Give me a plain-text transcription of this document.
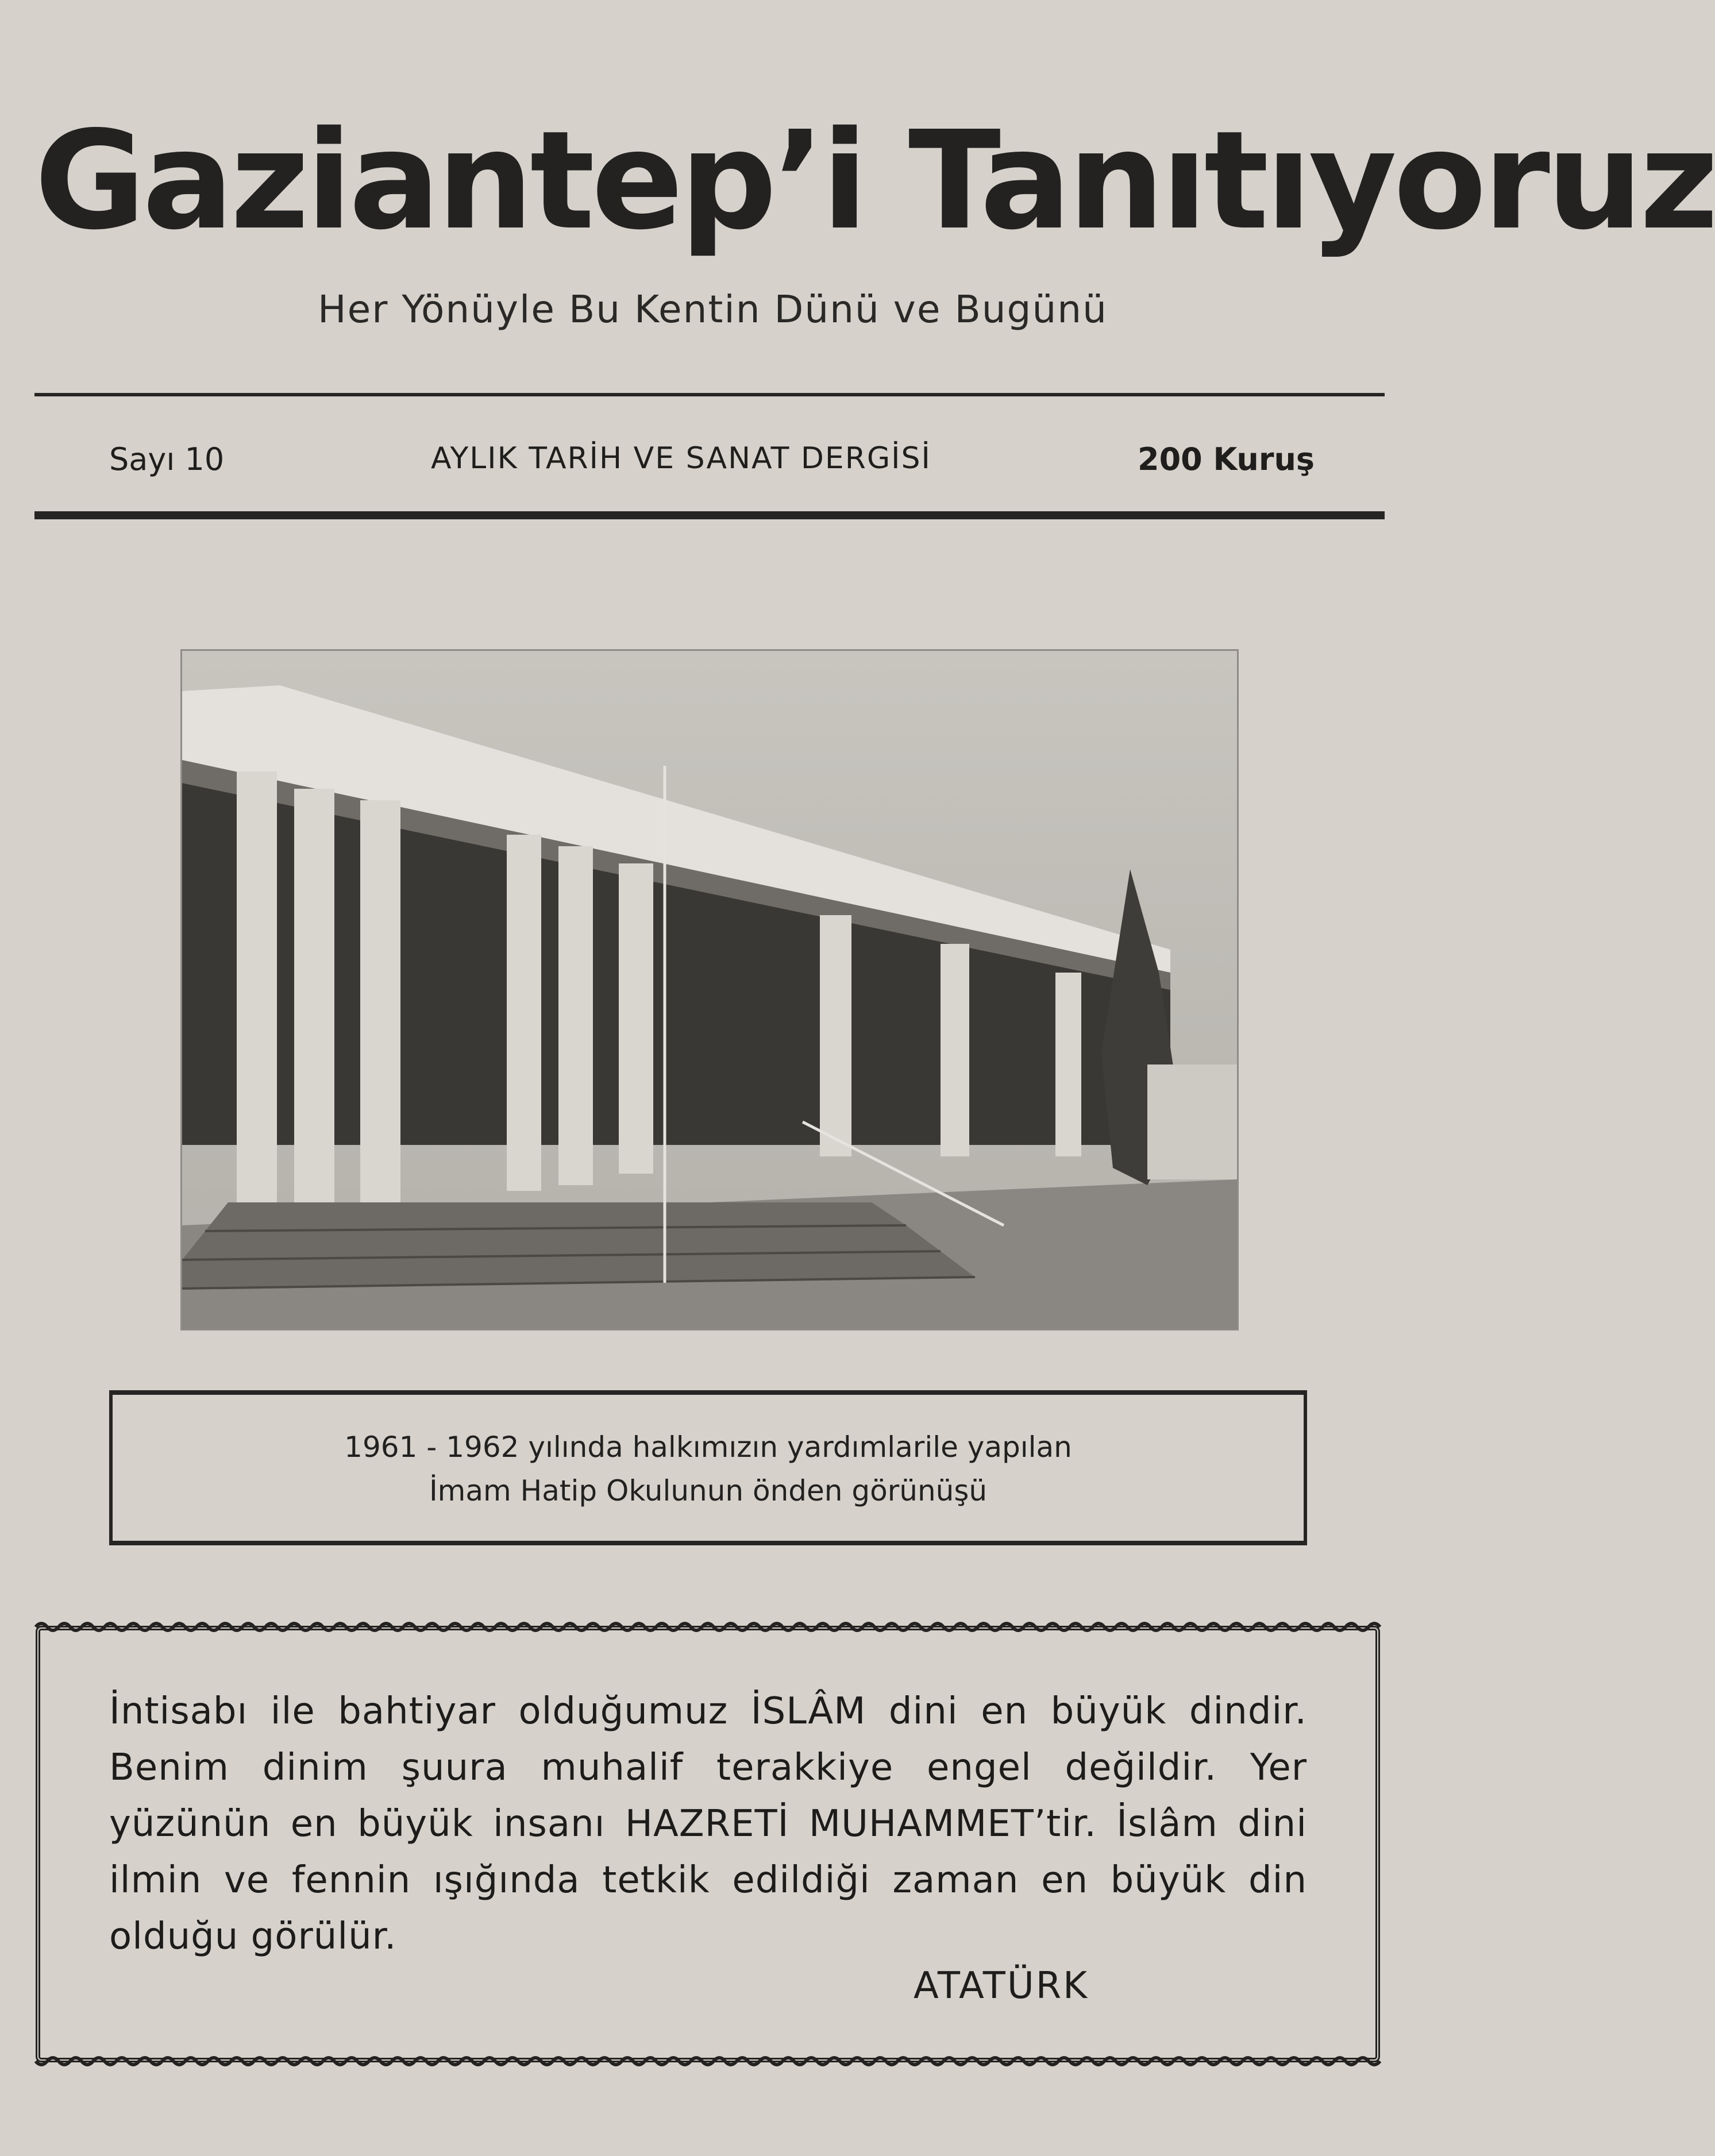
Gaziantep’i Tanıtıyoruz
Her Yönüyle Bu Kentin Dünü ve Bugünü
Sayı 10	AYLIK TARİH VE SANAT DERGİSİ	200 Kuruş
1961 - 1962 yılında halkımızın yardımlarile yapılan
İmam Hatip Okulunun önden görünüşü
İntisabı ile bahtiyar olduğumuz İSLÂM dini en büyük dindir. Benim dinim şuura muhalif terakkiye engel değildir. Yer yüzünün en büyük insanı HAZRETİ MUHAMMET’tir. İslâm dini ilmin ve fennin ışığında tetkik edildiği zaman en büyük din olduğu görülür.
ATATÜRK
